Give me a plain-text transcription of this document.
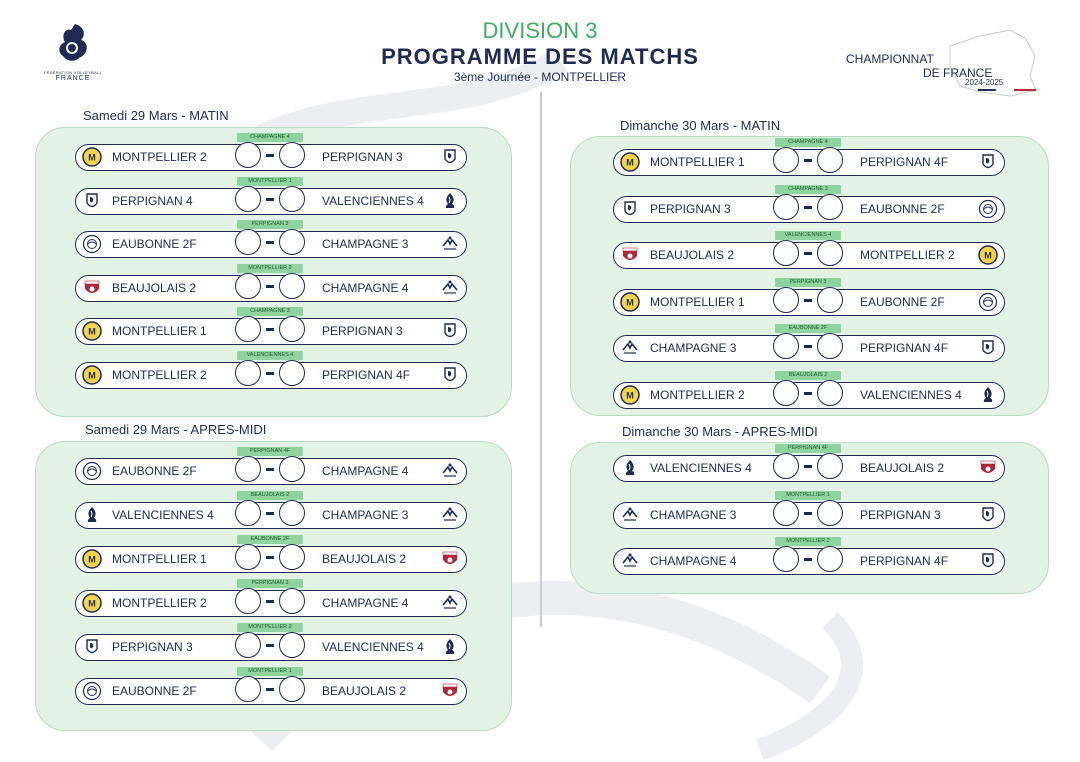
FÉDÉRATION VOLLEYBALL
FRANCE
DIVISION 3
PROGRAMME DES MATCHS
3ème Journée - MONTPELLIER
CHAMPIONNAT
DE FRANCE
2024-2025
Samedi 29 Mars - MATIN
CHAMPAGNE 4
M MONTPELLIER 2	PERPIGNAN 3
MONTPELLIER 1
PERPIGNAN 4	VALENCIENNES 4
PERPIGNAN 3
EAUBONNE 2F	CHAMPAGNE 3
MONTPELLIER 2
BEAUJOLAIS 2	CHAMPAGNE 4
CHAMPAGNE 3
M MONTPELLIER 1	PERPIGNAN 3
VALENCIENNES 4
M MONTPELLIER 2	PERPIGNAN 4F
Samedi 29 Mars - APRES-MIDI
PERPIGNAN 4F
EAUBONNE 2F	CHAMPAGNE 4
BEAUJOLAIS 2
VALENCIENNES 4	CHAMPAGNE 3
EAUBONNE 2F
M MONTPELLIER 1	BEAUJOLAIS 2
PERPIGNAN 3
M MONTPELLIER 2	CHAMPAGNE 4
MONTPELLIER 2
PERPIGNAN 3	VALENCIENNES 4
MONTPELLIER 1
EAUBONNE 2F	BEAUJOLAIS 2
Dimanche 30 Mars - MATIN
CHAMPAGNE 4
M MONTPELLIER 1	PERPIGNAN 4F
CHAMPAGNE 3
PERPIGNAN 3	EAUBONNE 2F
VALENCIENNES 4
BEAUJOLAIS 2	MONTPELLIER 2	M
PERPIGNAN 3
M MONTPELLIER 1	EAUBONNE 2F
EAUBONNE 2F
CHAMPAGNE 3	PERPIGNAN 4F
BEAUJOLAIS 2
M MONTPELLIER 2	VALENCIENNES 4
Dimanche 30 Mars - APRES-MIDI
PERPIGNAN 4F
VALENCIENNES 4	BEAUJOLAIS 2
MONTPELLIER 1
CHAMPAGNE 3	PERPIGNAN 3
MONTPELLIER 2
CHAMPAGNE 4	PERPIGNAN 4F
